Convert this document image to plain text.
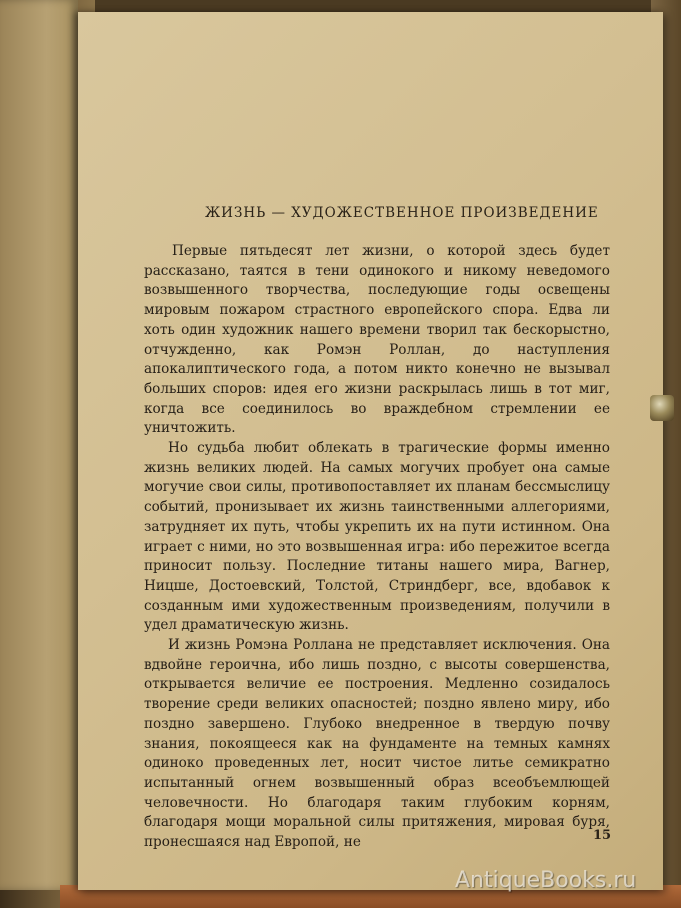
ЖИЗНЬ — ХУДОЖЕСТВЕННОЕ ПРОИЗВЕДЕНИЕ

Первые пятьдесят лет жизни, о которой здесь будет рассказано, таятся в тени одинокого и никому неведомого возвышенного творчества, последующие годы освещены мировым пожаром страстного европейского спора. Едва ли хоть один художник нашего времени творил так бескорыстно, отчужденно, как Ромэн Роллан, до наступления апокалиптического года, а потом никто конечно не вызывал больших споров: идея его жизни раскрылась лишь в тот миг, когда все соединилось во враждебном стремлении ее уничтожить.

Но судьба любит облекать в трагические формы именно жизнь великих людей. На самых могучих пробует она самые могучие свои силы, противопоставляет их планам бессмыслицу событий, пронизывает их жизнь таинственными аллегориями, затрудняет их путь, чтобы укрепить их на пути истинном. Она играет с ними, но это возвышенная игра: ибо пережитое всегда приносит пользу. Последние титаны нашего мира, Вагнер, Ницше, Достоевский, Толстой, Стриндберг, все, вдобавок к созданным ими художественным произведениям, получили в удел драматическую жизнь.

И жизнь Ромэна Роллана не представляет исключения. Она вдвойне героична, ибо лишь поздно, с высоты совершенства, открывается величие ее построения. Медленно созидалось творение среди великих опасностей; поздно явлено миру, ибо поздно завершено. Глубоко внедренное в твердую почву знания, покоящееся как на фундаменте на темных камнях одиноко проведенных лет, носит чистое литье семикратно испытанный огнем возвышенный образ всеобъемлющей человечности. Но благодаря таким глубоким корням, благодаря мощи моральной силы притяжения, мировая буря, пронесшаяся над Европой, не	15
AntiqueBooks.ru
